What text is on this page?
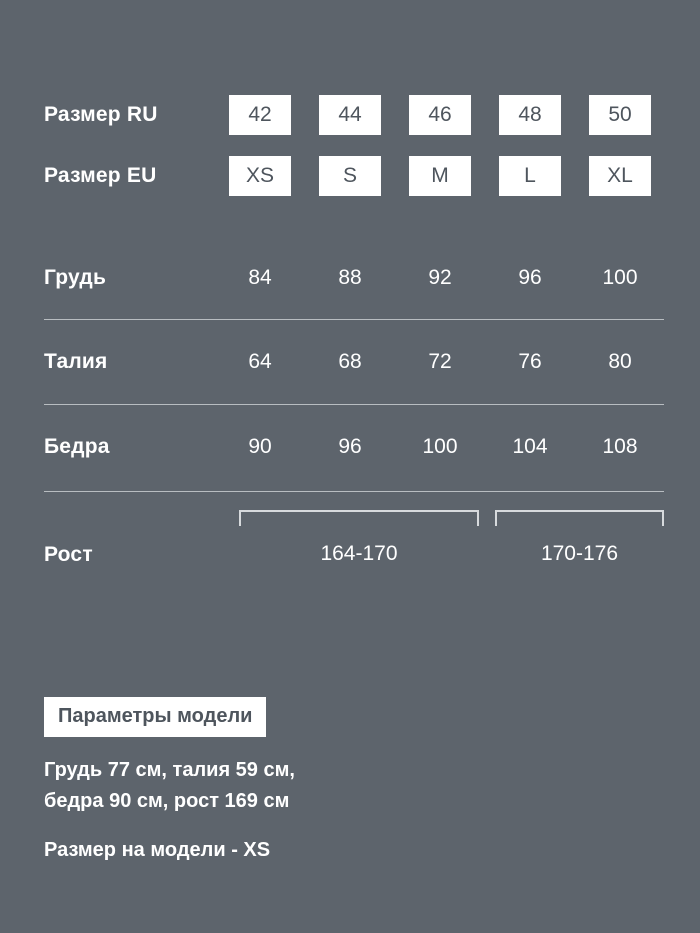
Размер RU	42	44	46	48	50
Размер EU	XS	S	M	L	XL
Грудь	84	88	92	96	100
Талия	64	68	72	76	80
Бедра	90	96	100	104	108
Рост	164-170	170-176
Параметры модели
Грудь 77 см, талия 59 см,
бедра 90 см, рост 169 см
Размер на модели - XS
